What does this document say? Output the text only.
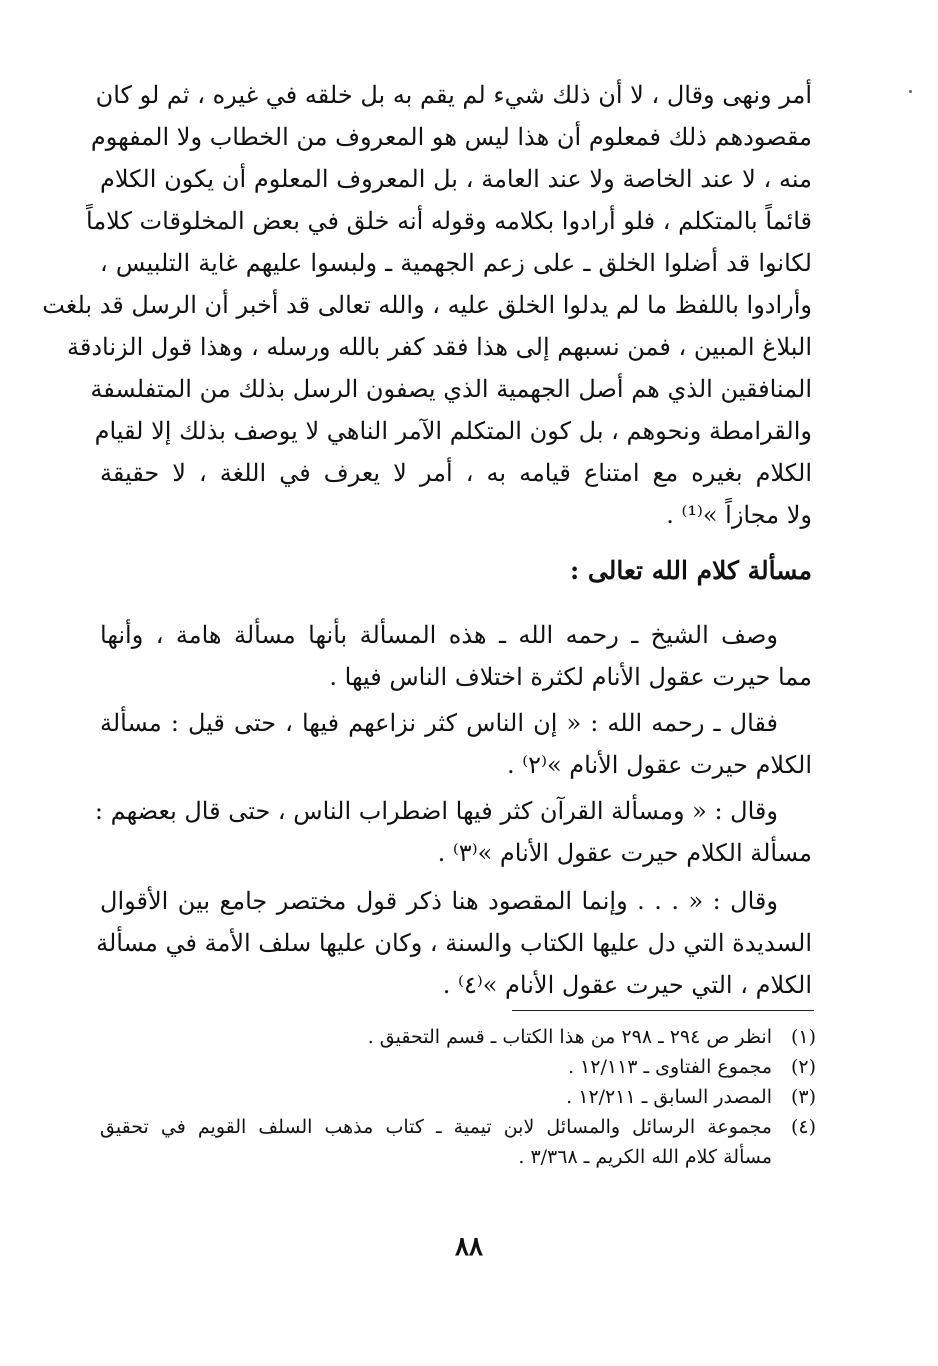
أمر ونهى وقال ، لا أن ذلك شيء لم يقم به بل خلقه في غيره ، ثم لو كان
مقصودهم ذلك فمعلوم أن هذا ليس هو المعروف من الخطاب ولا المفهوم
منه ، لا عند الخاصة ولا عند العامة ، بل المعروف المعلوم أن يكون الكلام
قائماً بالمتكلم ، فلو أرادوا بكلامه وقوله أنه خلق في بعض المخلوقات كلاماً
لكانوا قد أضلوا الخلق ـ على زعم الجهمية ـ ولبسوا عليهم غاية التلبيس ،
وأرادوا باللفظ ما لم يدلوا الخلق عليه ، والله تعالى قد أخبر أن الرسل قد بلغت
البلاغ المبين ، فمن نسبهم إلى هذا فقد كفر بالله ورسله ، وهذا قول الزنادقة
المنافقين الذي هم أصل الجهمية الذي يصفون الرسل بذلك من المتفلسفة
والقرامطة ونحوهم ، بل كون المتكلم الآمر الناهي لا يوصف بذلك إلا لقيام
الكلام بغيره مع امتناع قيامه به ، أمر لا يعرف في اللغة ، لا حقيقة
ولا مجازاً »⁽¹⁾ .
مسألة كلام الله تعالى :
وصف الشيخ ـ رحمه الله ـ هذه المسألة بأنها مسألة هامة ، وأنها
مما حيرت عقول الأنام لكثرة اختلاف الناس فيها .
فقال ـ رحمه الله : « إن الناس كثر نزاعهم فيها ، حتى قيل : مسألة
الكلام حيرت عقول الأنام »⁽٢⁾ .
وقال : « ومسألة القرآن كثر فيها اضطراب الناس ، حتى قال بعضهم :
مسألة الكلام حيرت عقول الأنام »⁽٣⁾ .
وقال : « . . . وإنما المقصود هنا ذكر قول مختصر جامع بين الأقوال
السديدة التي دل عليها الكتاب والسنة ، وكان عليها سلف الأمة في مسألة
الكلام ، التي حيرت عقول الأنام »⁽٤⁾ .
(١)
انظر ص ٢٩٤ ـ ٢٩٨ من هذا الكتاب ـ قسم التحقيق .
(٢)
مجموع الفتاوى ـ ١٢/١١٣ .
(٣)
المصدر السابق ـ ١٢/٢١١ .
(٤)
مجموعة الرسائل والمسائل لابن تيمية ـ كتاب مذهب السلف القويم في تحقيق
مسألة كلام الله الكريم ـ ٣/٣٦٨ .
٨٨
